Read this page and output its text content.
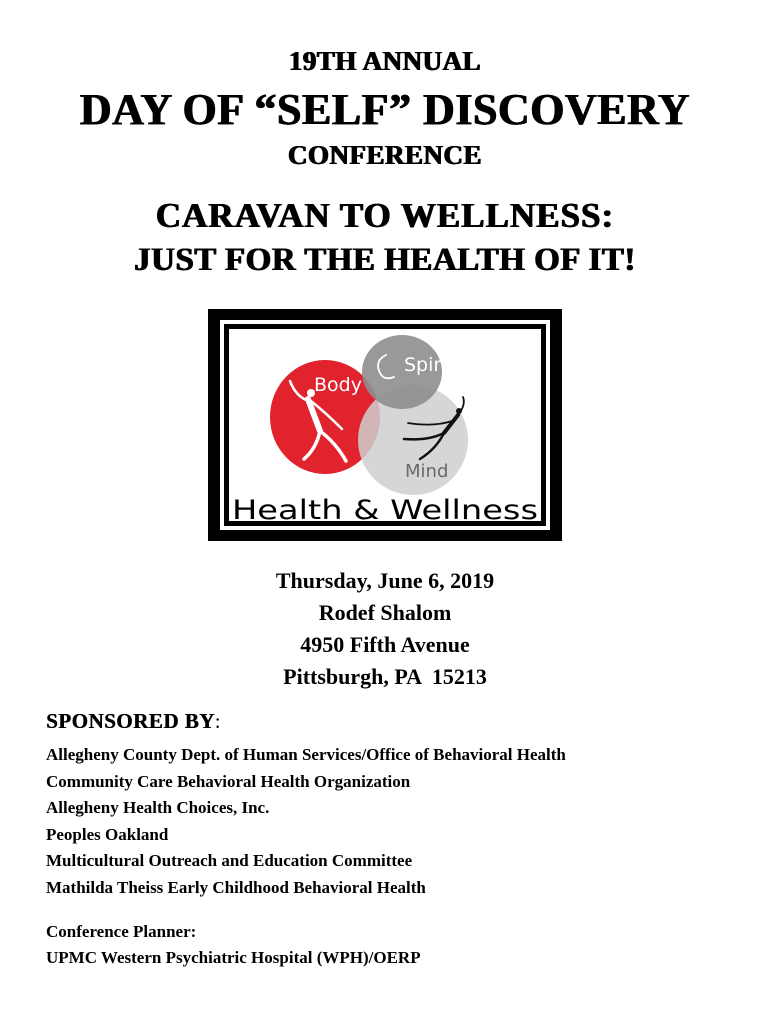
19TH ANNUAL
DAY OF “SELF” DISCOVERY
CONFERENCE
CARAVAN TO WELLNESS:
JUST FOR THE HEALTH OF IT!
Spirit
Body
Mind
Health & Wellness
Thursday, June 6, 2019
Rodef Shalom
4950 Fifth Avenue
Pittsburgh, PA  15213
SPONSORED BY:
Allegheny County Dept. of Human Services/Office of Behavioral Health
Community Care Behavioral Health Organization
Allegheny Health Choices, Inc.
Peoples Oakland
Multicultural Outreach and Education Committee
Mathilda Theiss Early Childhood Behavioral Health
Conference Planner:
UPMC Western Psychiatric Hospital (WPH)/OERP
